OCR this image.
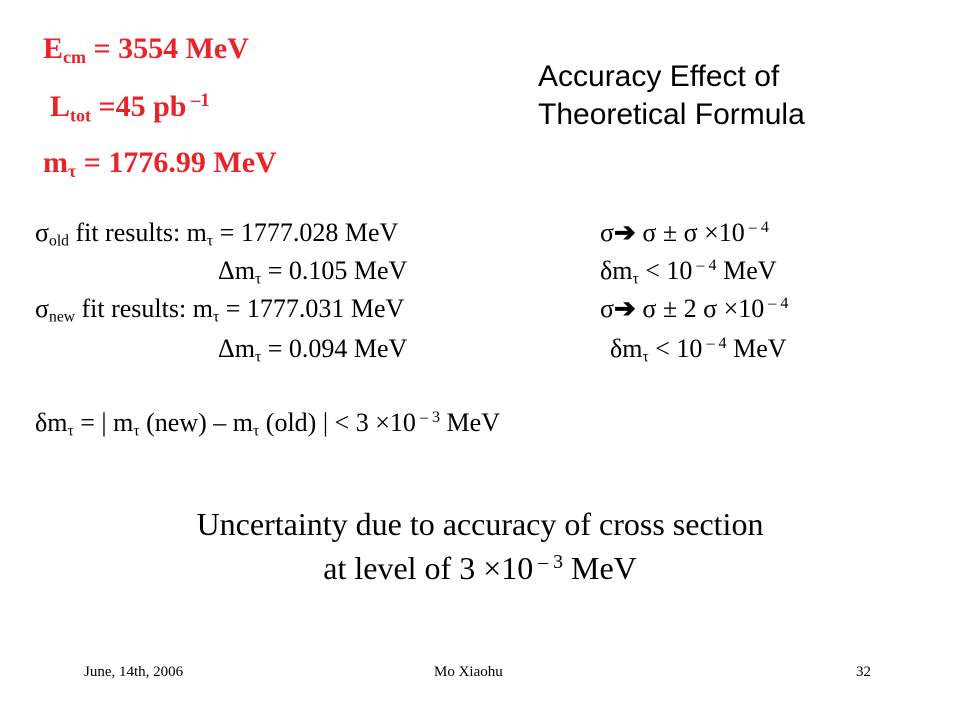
$E_{cm} = 3554$ MeV
$L_{tot} =45$ pb $^{-1}$
$m_\tau = 1776.99$ MeV
Accuracy Effect of
Theoretical Formula
$\sigma_{old}$ fit results: $m_\tau = 1777.028$ MeV
$\Delta m_\tau = 0.105$ MeV
σ➔ σ ± σ ×10 $^{- 4}$
$\delta m_\tau < 10$ $^{- 4}$ MeV
$\sigma_{new}$ fit results: $m_\tau = 1777.031$ MeV
$\Delta m_\tau = 0.094$ MeV
σ➔ σ ± 2 σ ×10 $^{- 4}$
$\delta m_\tau < 10$ $^{- 4}$ MeV
$\delta m_\tau$ = | $m_\tau$ $(new) - m_\tau$ (old) | < 3 ×10 $^{- 3}$ MeV
Uncertainty due to accuracy of cross section
at level of 3 ×10 $^{- 3}$ MeV
June, 14th, 2006	Mo Xiaohu	32
